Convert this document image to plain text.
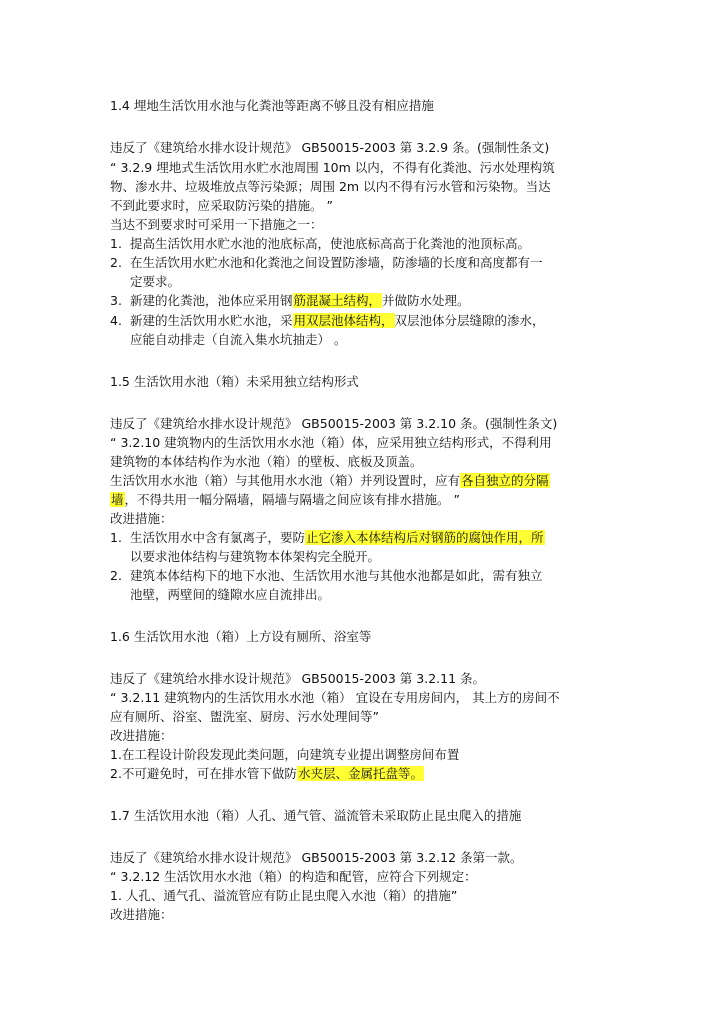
1.4 埋地生活饮用水池与化粪池等距离不够且没有相应措施
违反了《建筑给水排水设计规范》 GB50015-2003 第 3.2.9 条。(强制性条文)
“ 3.2.9 埋地式生活饮用水贮水池周围 10m 以内，不得有化粪池、污水处理构筑
物、渗水井、垃圾堆放点等污染源；周围 2m 以内不得有污水管和污染物。当达
不到此要求时，应采取防污染的措施。 ”
当达不到要求时可采用一下措施之一：
1. 提高生活饮用水贮水池的池底标高，使池底标高高于化粪池的池顶标高。
2. 在生活饮用水贮水池和化粪池之间设置防渗墙，防渗墙的长度和高度都有一
定要求。
3. 新建的化粪池，池体应采用钢筋混凝土结构，并做防水处理。
4. 新建的生活饮用水贮水池，采用双层池体结构，双层池体分层缝隙的渗水，
应能自动排走（自流入集水坑抽走） 。
1.5 生活饮用水池（箱）未采用独立结构形式
违反了《建筑给水排水设计规范》 GB50015-2003 第 3.2.10 条。(强制性条文)
“ 3.2.10 建筑物内的生活饮用水水池（箱）体，应采用独立结构形式，不得利用
建筑物的本体结构作为水池（箱）的壁板、底板及顶盖。
生活饮用水水池（箱）与其他用水水池（箱）并列设置时，应有各自独立的分隔
墙，不得共用一幅分隔墙，隔墙与隔墙之间应该有排水措施。 ”
改进措施：
1. 生活饮用水中含有氯离子，要防止它渗入本体结构后对钢筋的腐蚀作用，所
以要求池体结构与建筑物本体架构完全脱开。
2. 建筑本体结构下的地下水池、生活饮用水池与其他水池都是如此，需有独立
池壁，两壁间的缝隙水应自流排出。
1.6 生活饮用水池（箱）上方设有厕所、浴室等
违反了《建筑给水排水设计规范》 GB50015-2003 第 3.2.11 条。
“ 3.2.11 建筑物内的生活饮用水水池（箱） 宜设在专用房间内， 其上方的房间不
应有厕所、浴室、盥洗室、厨房、污水处理间等”
改进措施：
1.在工程设计阶段发现此类问题，向建筑专业提出调整房间布置
2.不可避免时，可在排水管下做防水夹层、金属托盘等。
1.7 生活饮用水池（箱）人孔、通气管、溢流管未采取防止昆虫爬入的措施
违反了《建筑给水排水设计规范》 GB50015-2003 第 3.2.12 条第一款。
“ 3.2.12 生活饮用水水池（箱）的构造和配管，应符合下列规定：
1. 人孔、通气孔、溢流管应有防止昆虫爬入水池（箱）的措施”
改进措施：
